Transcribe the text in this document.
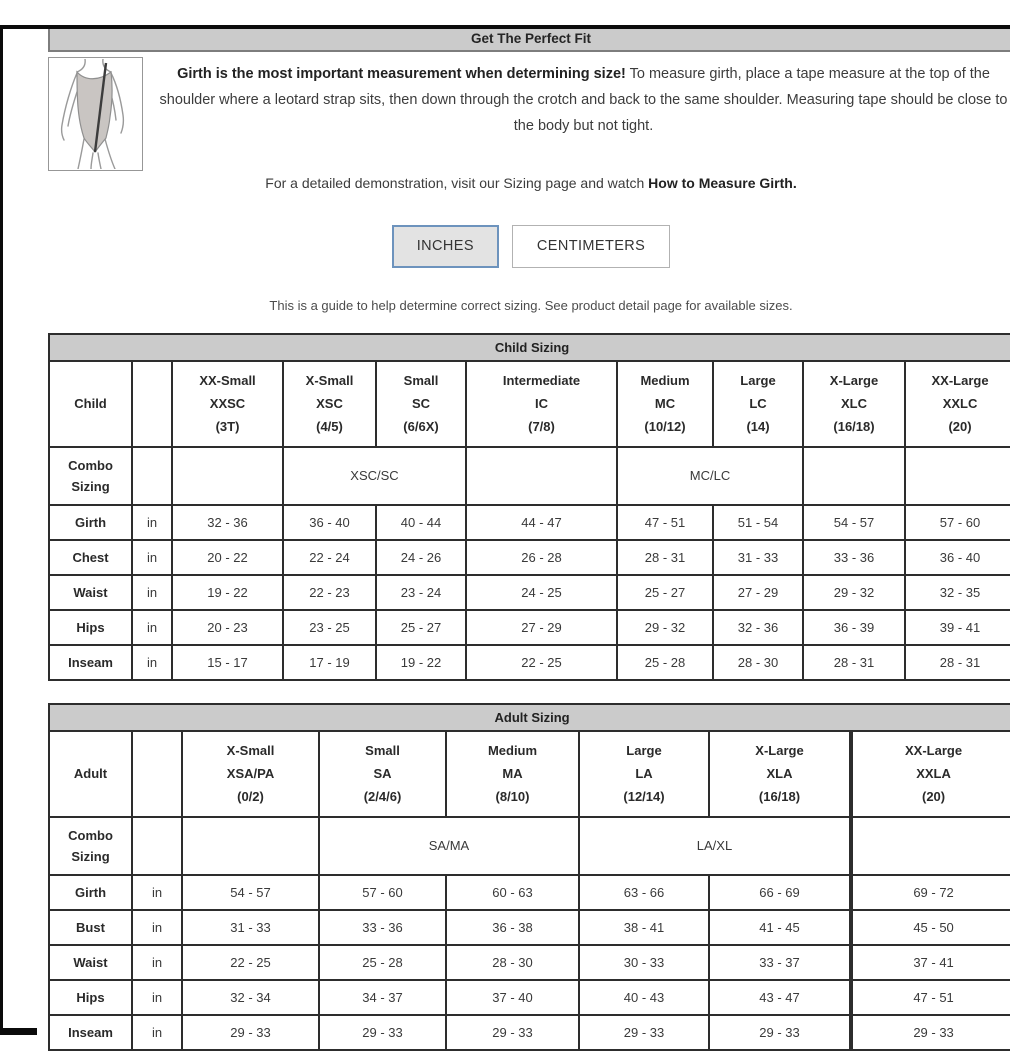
Get The Perfect Fit
Girth is the most important measurement when determining size! To measure girth, place a tape measure at the top of the shoulder where a leotard strap sits, then down through the crotch and back to the same shoulder. Measuring tape should be close to the body but not tight.
For a detailed demonstration, visit our Sizing page and watch How to Measure Girth.
INCHES	CENTIMETERS
This is a guide to help determine correct sizing. See product detail page for available sizes.
Child Sizing									
Child		XX-Small
XXSC
(3T)	X-Small
XSC
(4/5)	Small
SC
(6/6X)	Intermediate
IC
(7/8)	Medium
MC
(10/12)	Large
LC
(14)	X-Large
XLC
(16/18)	XX-Large
XXLC
(20)
Combo Sizing			XSC/SC			MC/LC			
Girth	in	32 - 36	36 - 40	40 - 44	44 - 47	47 - 51	51 - 54	54 - 57	57 - 60
Chest	in	20 - 22	22 - 24	24 - 26	26 - 28	28 - 31	31 - 33	33 - 36	36 - 40
Waist	in	19 - 22	22 - 23	23 - 24	24 - 25	25 - 27	27 - 29	29 - 32	32 - 35
Hips	in	20 - 23	23 - 25	25 - 27	27 - 29	29 - 32	32 - 36	36 - 39	39 - 41
Inseam	in	15 - 17	17 - 19	19 - 22	22 - 25	25 - 28	28 - 30	28 - 31	28 - 31
Adult Sizing							
Adult		X-Small
XSA/PA
(0/2)	Small
SA
(2/4/6)	Medium
MA
(8/10)	Large
LA
(12/14)	X-Large
XLA
(16/18)	XX-Large
XXLA
(20)
Combo Sizing			SA/MA		LA/XL		
Girth	in	54 - 57	57 - 60	60 - 63	63 - 66	66 - 69	69 - 72
Bust	in	31 - 33	33 - 36	36 - 38	38 - 41	41 - 45	45 - 50
Waist	in	22 - 25	25 - 28	28 - 30	30 - 33	33 - 37	37 - 41
Hips	in	32 - 34	34 - 37	37 - 40	40 - 43	43 - 47	47 - 51
Inseam	in	29 - 33	29 - 33	29 - 33	29 - 33	29 - 33	29 - 33
